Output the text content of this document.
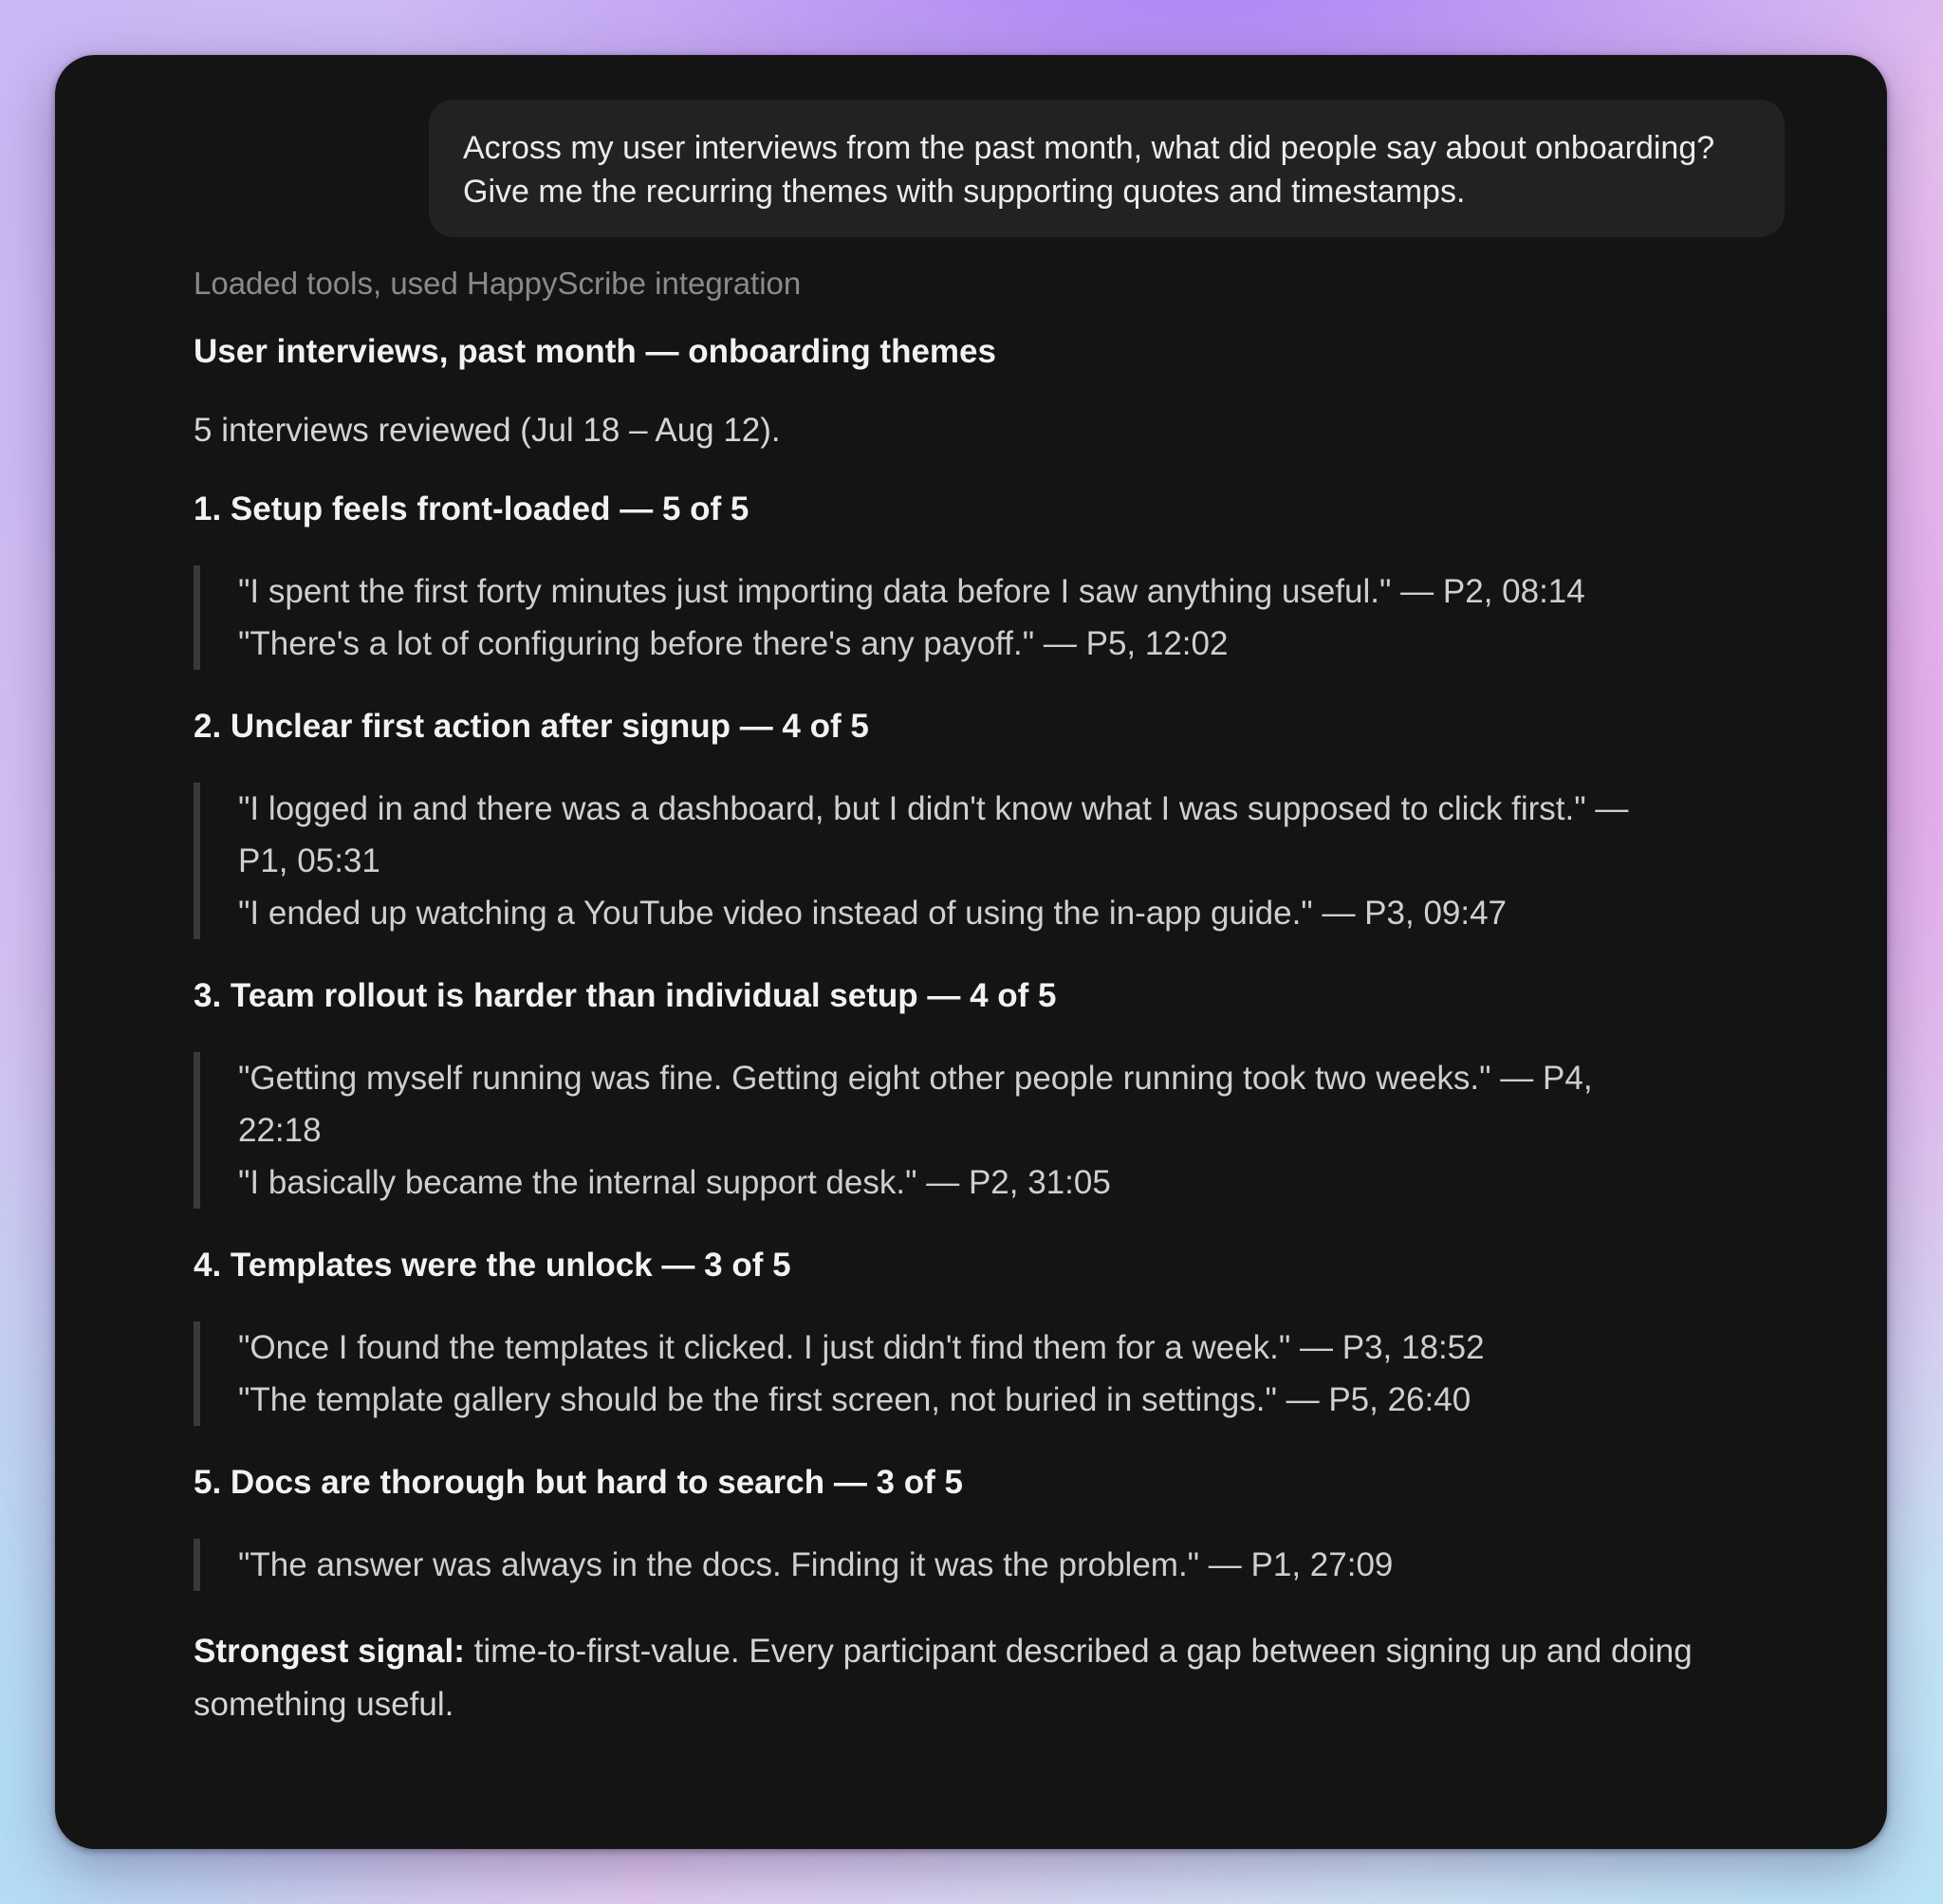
Across my user interviews from the past month, what did people say about onboarding? Give me the recurring themes with supporting quotes and timestamps.

Loaded tools, used HappyScribe integration

User interviews, past month — onboarding themes

5 interviews reviewed (Jul 18 – Aug 12).

1. Setup feels front-loaded — 5 of 5

"I spent the first forty minutes just importing data before I saw anything useful." — P2, 08:14

"There's a lot of configuring before there's any payoff." — P5, 12:02

2. Unclear first action after signup — 4 of 5

"I logged in and there was a dashboard, but I didn't know what I was supposed to click first." — P1, 05:31

"I ended up watching a YouTube video instead of using the in-app guide." — P3, 09:47

3. Team rollout is harder than individual setup — 4 of 5

"Getting myself running was fine. Getting eight other people running took two weeks." — P4, 22:18

"I basically became the internal support desk." — P2, 31:05

4. Templates were the unlock — 3 of 5

"Once I found the templates it clicked. I just didn't find them for a week." — P3, 18:52

"The template gallery should be the first screen, not buried in settings." — P5, 26:40

5. Docs are thorough but hard to search — 3 of 5

"The answer was always in the docs. Finding it was the problem." — P1, 27:09

Strongest signal: time-to-first-value. Every participant described a gap between signing up and doing something useful.
